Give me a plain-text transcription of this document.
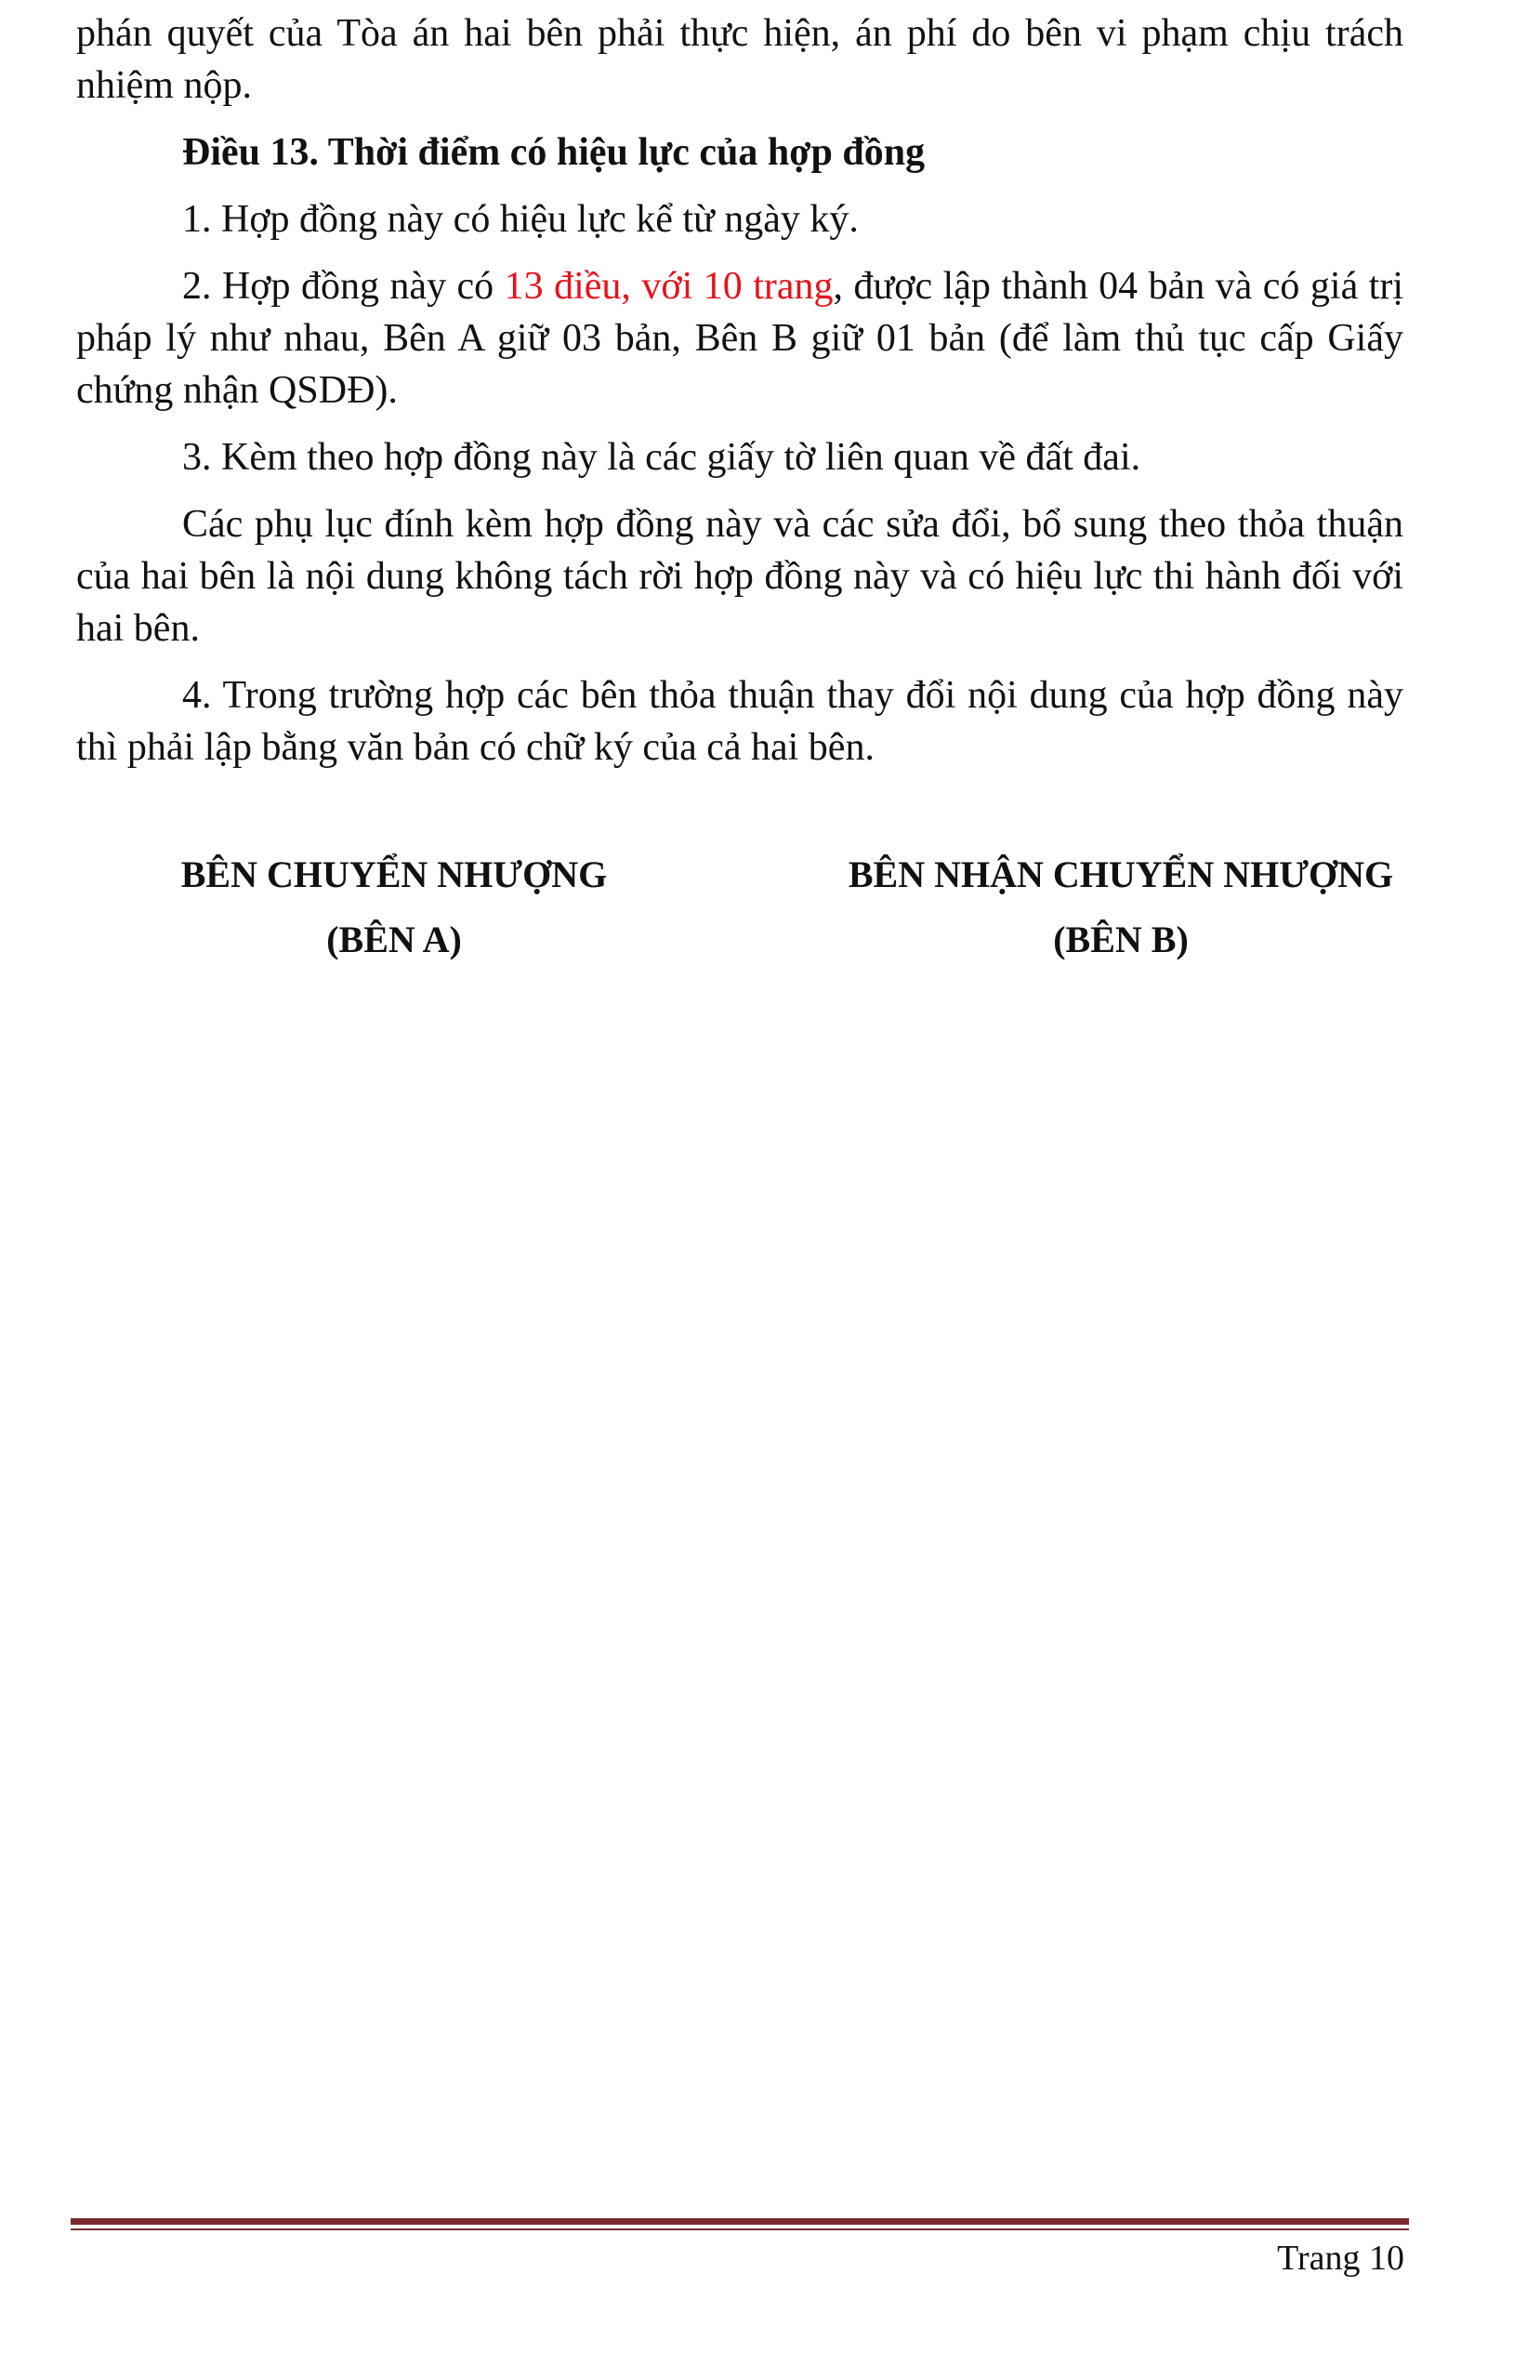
phán quyết của Tòa án hai bên phải thực hiện, án phí do bên vi phạm chịu trách nhiệm nộp.

Điều 13. Thời điểm có hiệu lực của hợp đồng

1. Hợp đồng này có hiệu lực kể từ ngày ký.

2. Hợp đồng này có 13 điều, với 10 trang, được lập thành 04 bản và có giá trị pháp lý như nhau, Bên A giữ 03 bản, Bên B giữ 01 bản (để làm thủ tục cấp Giấy chứng nhận QSDĐ).

3. Kèm theo hợp đồng này là các giấy tờ liên quan về đất đai.

Các phụ lục đính kèm hợp đồng này và các sửa đổi, bổ sung theo thỏa thuận của hai bên là nội dung không tách rời hợp đồng này và có hiệu lực thi hành đối với hai bên.

4. Trong trường hợp các bên thỏa thuận thay đổi nội dung của hợp đồng này thì phải lập bằng văn bản có chữ ký của cả hai bên.

BÊN CHUYỂN NHƯỢNG
(BÊN A)
BÊN NHẬN CHUYỂN NHƯỢNG
(BÊN B)
Trang 10
